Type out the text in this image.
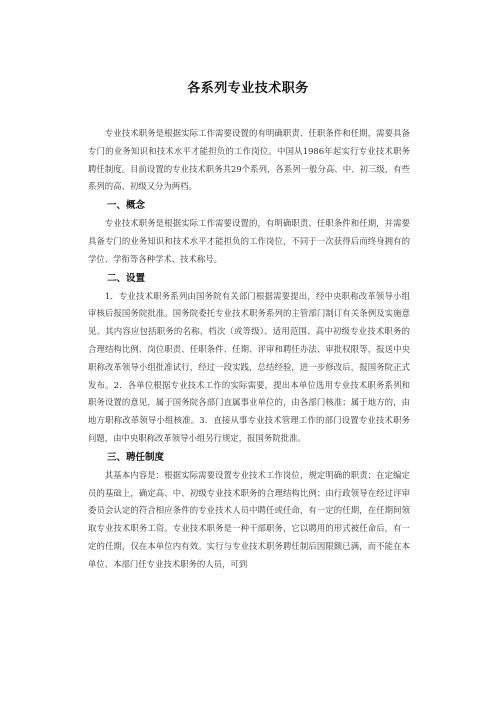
各系列专业技术职务

专业技术职务是根据实际工作需要设置的有明确职责、任职条件和任期，需要具备专门的业务知识和技术水平才能担负的工作岗位。中国从1986年起实行专业技术职务聘任制度。目前设置的专业技术职务共29个系列，各系列一般分高、中、初三级，有些系列的高、初级又分为两档。

一、概念

专业技术职务是根据实际工作需要设置的，有明确职责、任职条件和任期，并需要具备专门的业务知识和技术水平才能担负的工作岗位，不同于一次获得后而终身拥有的学位、学衔等各种学术、技术称号。

二、设置

1．专业技术职务系列由国务院有关部门根据需要提出，经中央职称改革领导小组审核后报国务院批准。国务院委托专业技术职务系列的主管部门制订有关条例及实施意见。其内容应包括职务的名称、档次（或等级）、适用范围、高中初级专业技术职务的合理结构比例、岗位职责、任职条件、任期、评审和聘任办法、审批权限等，报送中央职称改革领导小组批准试行，经过一段实践，总结经验，进一步修改后，报国务院正式发布。2．各单位根据专业技术工作的实际需要，提出本单位选用专业技术职务系列和职务设置的意见，属于国务院各部门直属事业单位的，由各部门核准；属于地方的，由地方职称改革领导小组核准。3．直接从事专业技术管理工作的部门设置专业技术职务问题，由中央职称改革领导小组另行规定，报国务院批准。

三、聘任制度

其基本内容是：根据实际需要设置专业技术工作岗位，规定明确的职责；在定编定员的基础上，确定高、中、初级专业技术职务的合理结构比例；由行政领导在经过评审委员会认定的符合相应条件的专业技术人员中聘任或任命，有一定的任期，在任期间领取专业技术职务工资。专业技术职务是一种干部职务，它以聘用的形式被任命后，有一定的任期，仅在本单位内有效。实行与专业技术职务聘任制后因限额已满，而不能在本单位、本部门任专业技术职务的人员，可到
